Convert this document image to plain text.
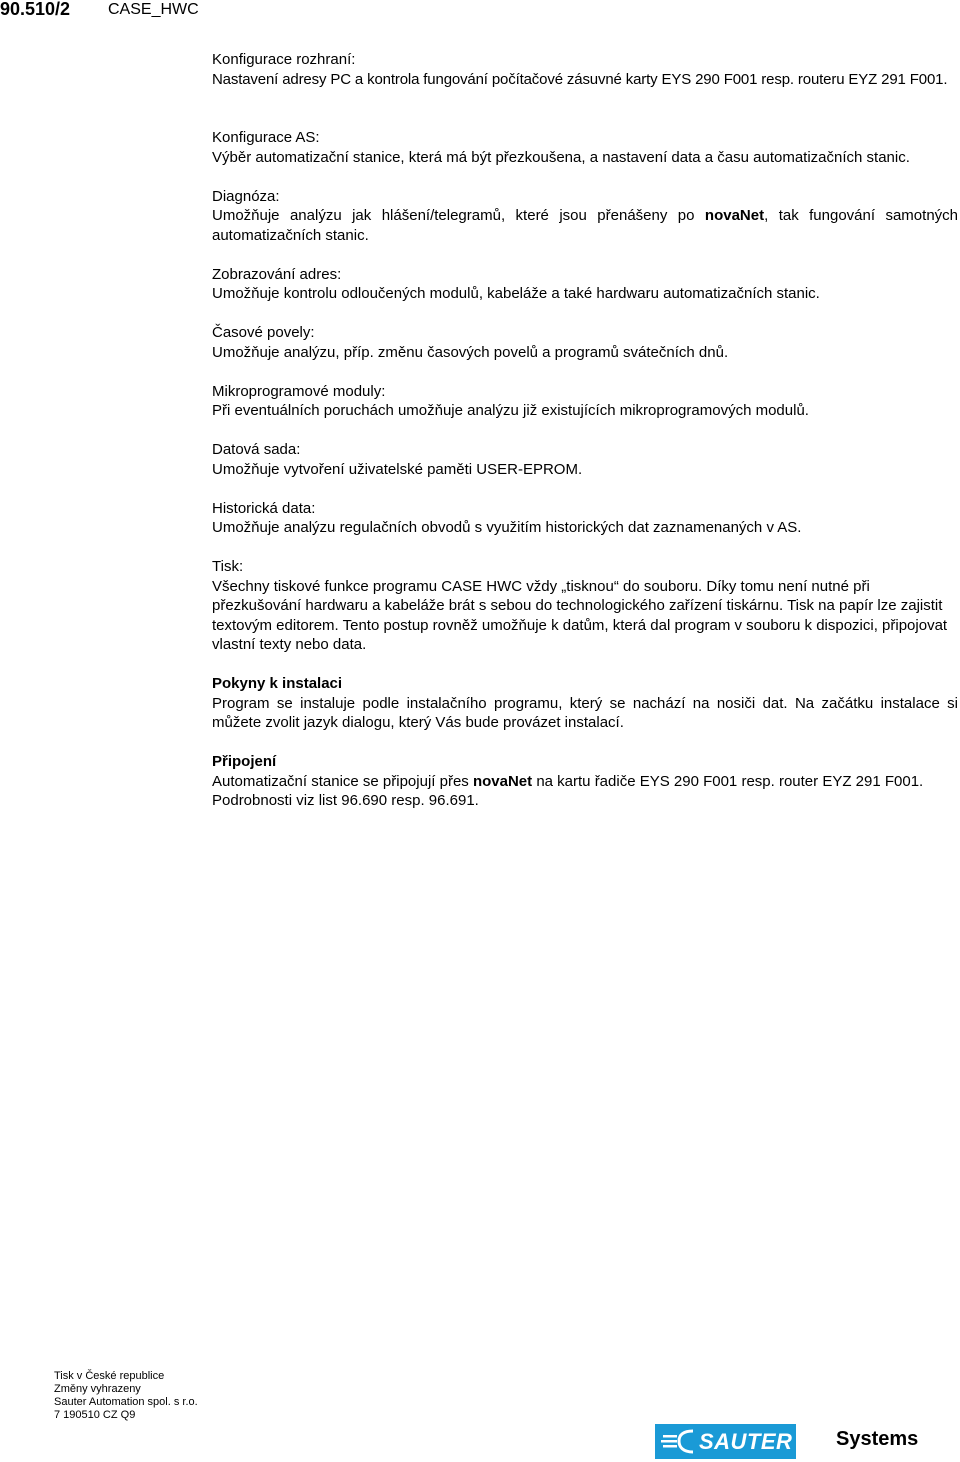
90.510/2 CASE_HWC

Konfigurace rozhraní:

Nastavení adresy PC a kontrola fungování počítačové zásuvné karty EYS 290 F001 resp. routeru EYZ 291 F001.

Konfigurace AS:

Výběr automatizační stanice, která má být přezkoušena, a nastavení data a času automatizačních stanic.

Diagnóza:

Umožňuje analýzu jak hlášení/telegramů, které jsou přenášeny po novaNet, tak fungování samotných automatizačních stanic.

Zobrazování adres:

Umožňuje kontrolu odloučených modulů, kabeláže a také hardwaru automatizačních stanic.

Časové povely:

Umožňuje analýzu, příp. změnu časových povelů a programů svátečních dnů.

Mikroprogramové moduly:

Při eventuálních poruchách umožňuje analýzu již existujících mikroprogramových modulů.

Datová sada:

Umožňuje vytvoření uživatelské paměti USER-EPROM.

Historická data:

Umožňuje analýzu regulačních obvodů s využitím historických dat zaznamenaných v AS.

Tisk:

Všechny tiskové funkce programu CASE HWC vždy „tisknou“ do souboru. Díky tomu není nutné při přezkušování hardwaru a kabeláže brát s sebou do technologického zařízení tiskárnu. Tisk na papír lze zajistit textovým editorem. Tento postup rovněž umožňuje k datům, která dal program v souboru k dispozici, připojovat vlastní texty nebo data.

Pokyny k instalaci

Program se instaluje podle instalačního programu, který se nachází na nosiči dat. Na začátku instalace si můžete zvolit jazyk dialogu, který Vás bude provázet instalací.

Připojení

Automatizační stanice se připojují přes novaNet na kartu řadiče EYS 290 F001 resp. router EYZ 291 F001. Podrobnosti viz list 96.690 resp. 96.691.

Tisk v České republice
Změny vyhrazeny
Sauter Automation spol. s r.o.
7 190510 CZ Q9
SAUTER Systems
